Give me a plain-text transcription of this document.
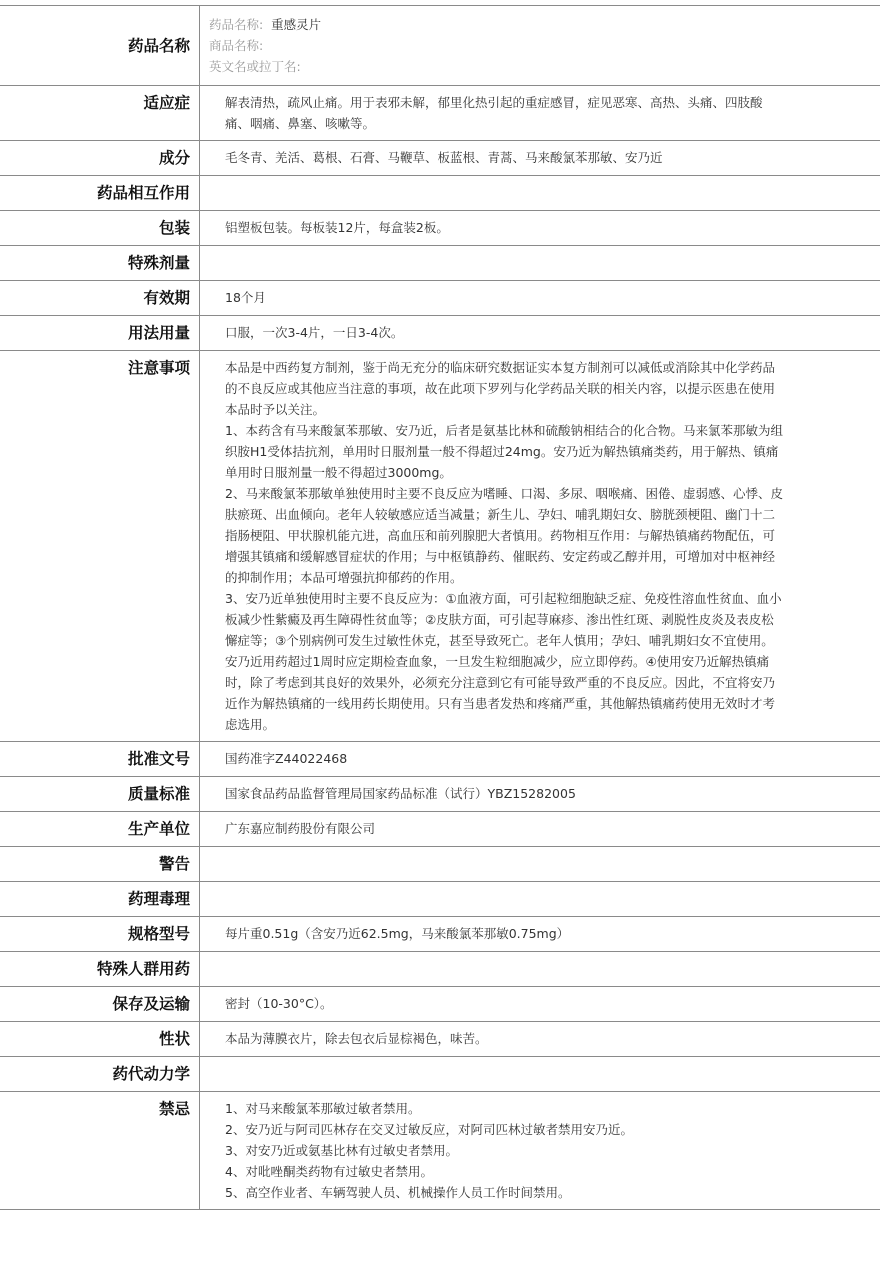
药品名称	药品名称: 重感灵片
商品名称:
英文名或拉丁名:

适应症	解表清热，疏风止痛。用于表邪未解，郁里化热引起的重症感冒，症见恶寒、高热、头痛、四肢酸痛、咽痛、鼻塞、咳嗽等。
成分	毛冬青、羌活、葛根、石膏、马鞭草、板蓝根、青蒿、马来酸氯苯那敏、安乃近
药品相互作用	
包装	铝塑板包装。每板装12片，每盒装2板。
特殊剂量	
有效期	18个月
用法用量	口服，一次3-4片，一日3-4次。
注意事项	本品是中西药复方制剂，鉴于尚无充分的临床研究数据证实本复方制剂可以减低或消除其中化学药品的不良反应或其他应当注意的事项，故在此项下罗列与化学药品关联的相关内容，以提示医患在使用本品时予以关注。
1、本药含有马来酸氯苯那敏、安乃近，后者是氨基比林和硫酸钠相结合的化合物。马来氯苯那敏为组织胺H1受体拮抗剂，单用时日服剂量一般不得超过24mg。安乃近为解热镇痛类药，用于解热、镇痛单用时日服剂量一般不得超过3000mg。
2、马来酸氯苯那敏单独使用时主要不良反应为嗜睡、口渴、多尿、咽喉痛、困倦、虚弱感、心悸、皮肤瘀斑、出血倾向。老年人较敏感应适当减量；新生儿、孕妇、哺乳期妇女、膀胱颈梗阻、幽门十二指肠梗阻、甲状腺机能亢进，高血压和前列腺肥大者慎用。药物相互作用：与解热镇痛药物配伍，可增强其镇痛和缓解感冒症状的作用；与中枢镇静药、催眠药、安定药或乙醇并用，可增加对中枢神经的抑制作用；本品可增强抗抑郁药的作用。
3、安乃近单独使用时主要不良反应为：①血液方面，可引起粒细胞缺乏症、免疫性溶血性贫血、血小板减少性紫癜及再生障碍性贫血等；②皮肤方面，可引起荨麻疹、渗出性红斑、剥脱性皮炎及表皮松懈症等；③个别病例可发生过敏性休克，甚至导致死亡。老年人慎用；孕妇、哺乳期妇女不宜使用。安乃近用药超过1周时应定期检查血象，一旦发生粒细胞减少，应立即停药。④使用安乃近解热镇痛时，除了考虑到其良好的效果外，必须充分注意到它有可能导致严重的不良反应。因此，不宜将安乃近作为解热镇痛的一线用药长期使用。只有当患者发热和疼痛严重，其他解热镇痛药使用无效时才考虑选用。

批准文号	国药准字Z44022468
质量标准	国家食品药品监督管理局国家药品标准（试行）YBZ15282005
生产单位	广东嘉应制药股份有限公司
警告	
药理毒理	
规格型号	每片重0.51g（含安乃近62.5mg，马来酸氯苯那敏0.75mg）
特殊人群用药	
保存及运输	密封（10-30°C）。
性状	本品为薄膜衣片，除去包衣后显棕褐色，味苦。
药代动力学	
禁忌	1、对马来酸氯苯那敏过敏者禁用。
2、安乃近与阿司匹林存在交叉过敏反应，对阿司匹林过敏者禁用安乃近。
3、对安乃近或氨基比林有过敏史者禁用。
4、对吡唑酮类药物有过敏史者禁用。
5、高空作业者、车辆驾驶人员、机械操作人员工作时间禁用。
